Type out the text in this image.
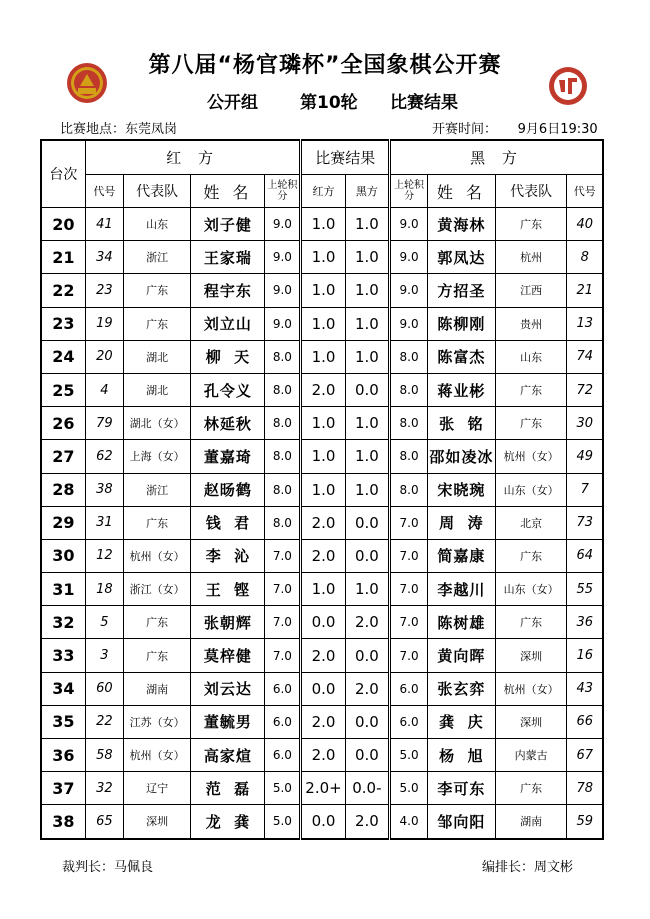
第八届“杨官璘杯”全国象棋公开赛
公开组 第10轮 比赛结果
比赛地点：东莞凤岗	开赛时间：     9月6日19:30
台次	红 方				比赛结果		黑 方			
	代号	代表队	姓 名	上轮积分	红方	黑方	上轮积分	姓 名	代表队	代号
20	41	山东	刘子健	9.0	1.0	1.0	9.0	黄海林	广东	40
21	34	浙江	王家瑞	9.0	1.0	1.0	9.0	郭凤达	杭州	8
22	23	广东	程宇东	9.0	1.0	1.0	9.0	方招圣	江西	21
23	19	广东	刘立山	9.0	1.0	1.0	9.0	陈柳刚	贵州	13
24	20	湖北	柳  天	8.0	1.0	1.0	8.0	陈富杰	山东	74
25	4	湖北	孔令义	8.0	2.0	0.0	8.0	蒋业彬	广东	72
26	79	湖北（女）	林延秋	8.0	1.0	1.0	8.0	张  铭	广东	30
27	62	上海（女）	董嘉琦	8.0	1.0	1.0	8.0	邵如凌冰	杭州（女）	49
28	38	浙江	赵旸鹤	8.0	1.0	1.0	8.0	宋晓琬	山东（女）	7
29	31	广东	钱  君	8.0	2.0	0.0	7.0	周  涛	北京	73
30	12	杭州（女）	李  沁	7.0	2.0	0.0	7.0	简嘉康	广东	64
31	18	浙江（女）	王  铿	7.0	1.0	1.0	7.0	李越川	山东（女）	55
32	5	广东	张朝辉	7.0	0.0	2.0	7.0	陈树雄	广东	36
33	3	广东	莫梓健	7.0	2.0	0.0	7.0	黄向晖	深圳	16
34	60	湖南	刘云达	6.0	0.0	2.0	6.0	张玄弈	杭州（女）	43
35	22	江苏（女）	董毓男	6.0	2.0	0.0	6.0	龚  庆	深圳	66
36	58	杭州（女）	高家煊	6.0	2.0	0.0	5.0	杨  旭	内蒙古	67
37	32	辽宁	范  磊	5.0	2.0+	0.0-	5.0	李可东	广东	78
38	65	深圳	龙  龚	5.0	0.0	2.0	4.0	邹向阳	湖南	59
裁判长：马佩良	编排长：周文彬
